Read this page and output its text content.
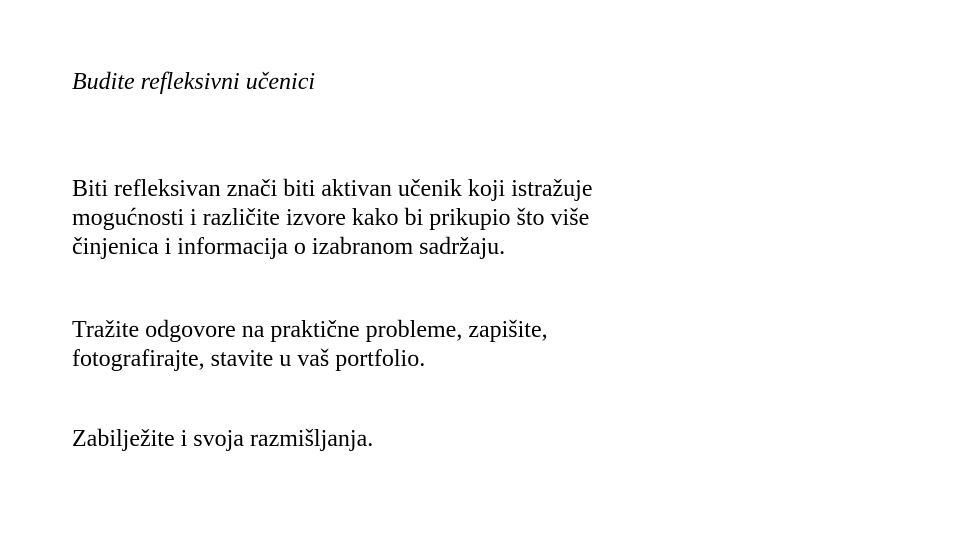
Budite refleksivni učenici
Biti refleksivan znači biti aktivan učenik koji istražuje
mogućnosti i različite izvore kako bi prikupio što više
činjenica i informacija o izabranom sadržaju.
Tražite odgovore na praktične probleme, zapišite,
fotografirajte, stavite u vaš portfolio.
Zabilježite i svoja razmišljanja.
